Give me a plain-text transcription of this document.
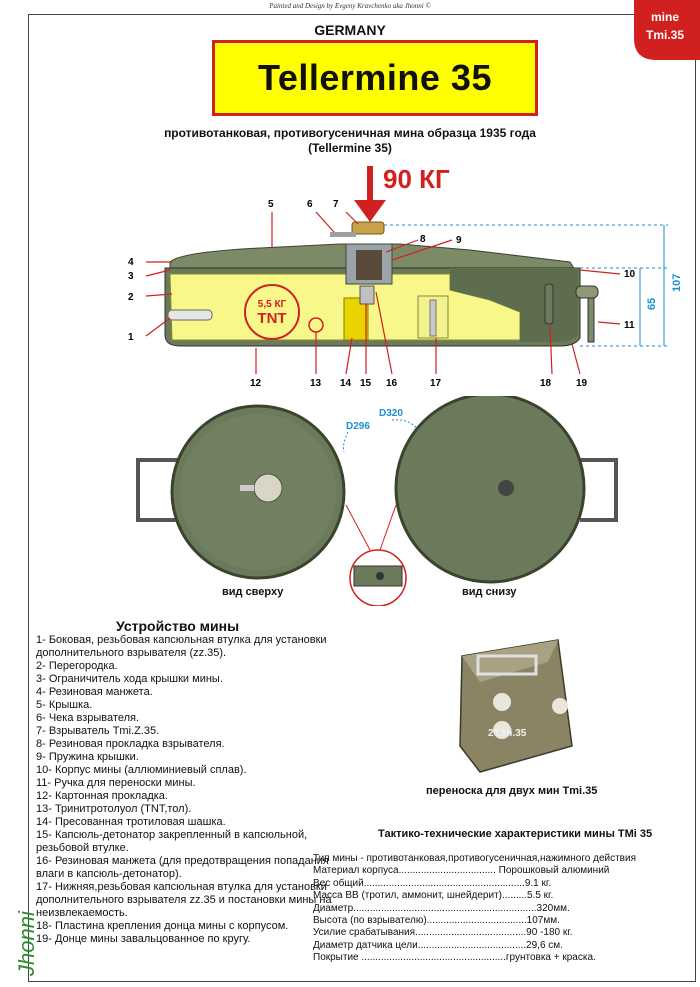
Painted and Design by Evgeny Kravchenko aka Jhonni ©
mine
Tmi.35
GERMANY
Tellermine 35
противотанковая, противогусеничная мина образца 1935 года
(Tellermine 35)
90 КГ
5,5 КГ
TNT
107
65
5	6 7
8	9
10
11
4
3
2
1
12	13 14 15 16	17	18 19
D320
D296
вид сверху	вид снизу
2T.Mi.35
переноска для двух мин Tmi.35
Устройство мины
1- Боковая, резьбовая капсюльная втулка для установки дополнительного взрывателя (zz.35).
2- Перегородка.
3- Ограничитель хода крышки мины.
4- Резиновая манжета.
5- Крышка.
6- Чека взрывателя.
7- Взрыватель Tmi.Z.35.
8- Резиновая прокладка взрывателя.
9- Пружина крышки.
10- Корпус мины (аллюминиевый сплав).
11- Ручка для переноски мины.
12- Картонная прокладка.
13- Тринитротолуол (TNT,тол).
14- Пресованная тротиловая шашка.
15- Капсюль-детонатор закрепленный в капсюльной, резьбовой втулке.
16- Резиновая манжета (для предотвращения попадания влаги в капсюль-детонатор).
17- Нижняя,резьбовая капсюльная втулка для установки дополнительного взрывателя zz.35 и постановки мины на неизвлекаемость.
18- Пластина крепления донца мины с корпусом.
19- Донце мины завальцованное по кругу.
Тактико-технические характеристики мины TMi 35
Тип мины - противотанковая,противогусеничная,нажимного действия
Материал корпуса................................... Порошковый алюминий
Вес общий..........................................................9.1 кг.
Масса ВВ (тротил, аммонит, шнейдерит).........5.5 кг.
Диаметр..................................................................320мм.
Высота (по взрывателю)....................................107мм.
Усилие срабатывания........................................90 -180 кг.
Диаметр датчика цели.......................................29,6 см.
Покрытие ....................................................грунтовка + краска.
Jhonni
